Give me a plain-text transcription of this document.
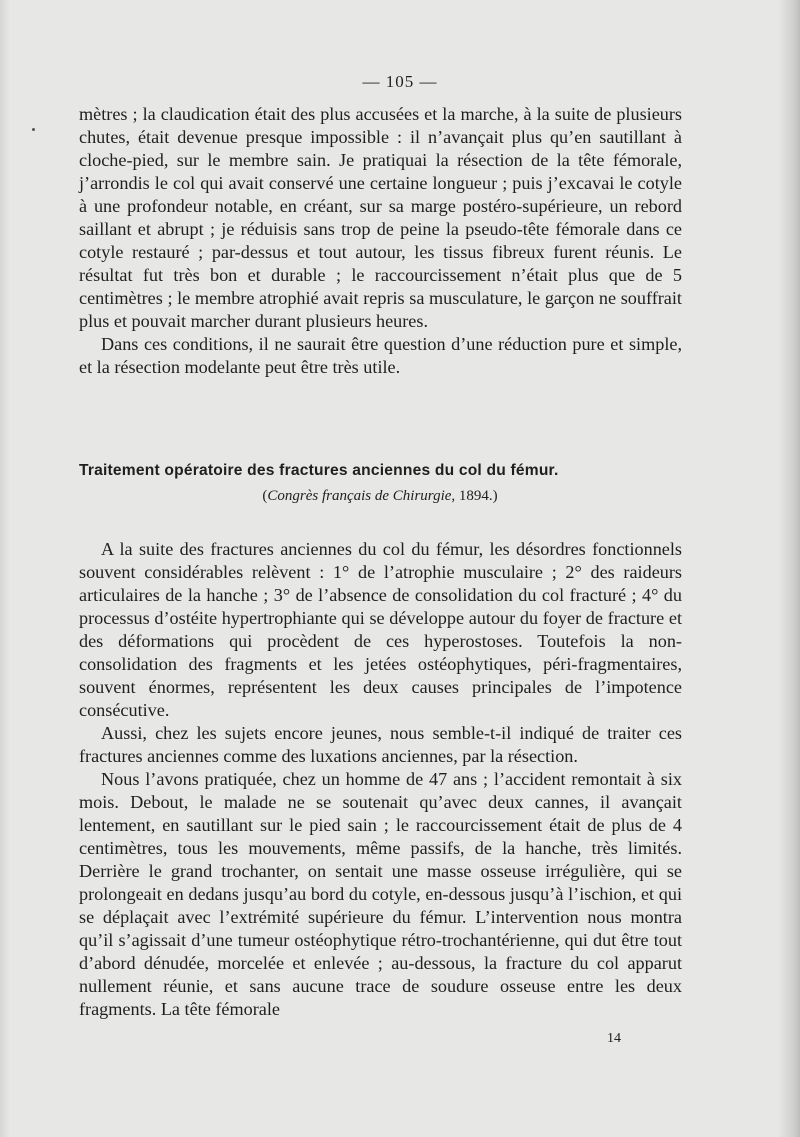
— 105 —

mètres ; la claudication était des plus accusées et la marche, à la suite de plusieurs chutes, était devenue presque impossible : il n’avançait plus qu’en sautillant à cloche-pied, sur le membre sain. Je pratiquai la résection de la tête fémorale, j’arrondis le col qui avait conservé une certaine longueur ; puis j’excavai le cotyle à une profondeur notable, en créant, sur sa marge postéro-supérieure, un rebord saillant et abrupt ; je réduisis sans trop de peine la pseudo-tête fémorale dans ce cotyle restauré ; par-dessus et tout autour, les tissus fibreux furent réunis. Le résultat fut très bon et durable ; le raccourcissement n’était plus que de 5 centimètres ; le membre atrophié avait repris sa musculature, le garçon ne souffrait plus et pouvait marcher durant plusieurs heures.

Dans ces conditions, il ne saurait être question d’une réduction pure et simple, et la résection modelante peut être très utile.

Traitement opératoire des fractures anciennes du col du fémur.
(Congrès français de Chirurgie, 1894.)

A la suite des fractures anciennes du col du fémur, les désordres fonctionnels souvent considérables relèvent : 1° de l’atrophie musculaire ; 2° des raideurs articulaires de la hanche ; 3° de l’absence de consolidation du col fracturé ; 4° du processus d’ostéite hypertrophiante qui se développe autour du foyer de fracture et des déformations qui procèdent de ces hyperostoses. Toutefois la non-consolidation des fragments et les jetées ostéophytiques, péri-fragmentaires, souvent énormes, représentent les deux causes principales de l’impotence consécutive.

Aussi, chez les sujets encore jeunes, nous semble-t-il indiqué de traiter ces fractures anciennes comme des luxations anciennes, par la résection.

Nous l’avons pratiquée, chez un homme de 47 ans ; l’accident remontait à six mois. Debout, le malade ne se soutenait qu’avec deux cannes, il avançait lentement, en sautillant sur le pied sain ; le raccourcissement était de plus de 4 centimètres, tous les mouvements, même passifs, de la hanche, très limités. Derrière le grand trochanter, on sentait une masse osseuse irrégulière, qui se prolongeait en dedans jusqu’au bord du cotyle, en-dessous jusqu’à l’ischion, et qui se déplaçait avec l’extrémité supérieure du fémur. L’intervention nous montra qu’il s’agissait d’une tumeur ostéophytique rétro-trochantérienne, qui dut être tout d’abord dénudée, morcelée et enlevée ; au-dessous, la fracture du col apparut nullement réunie, et sans aucune trace de soudure osseuse entre les deux fragments. La tête fémorale

14
